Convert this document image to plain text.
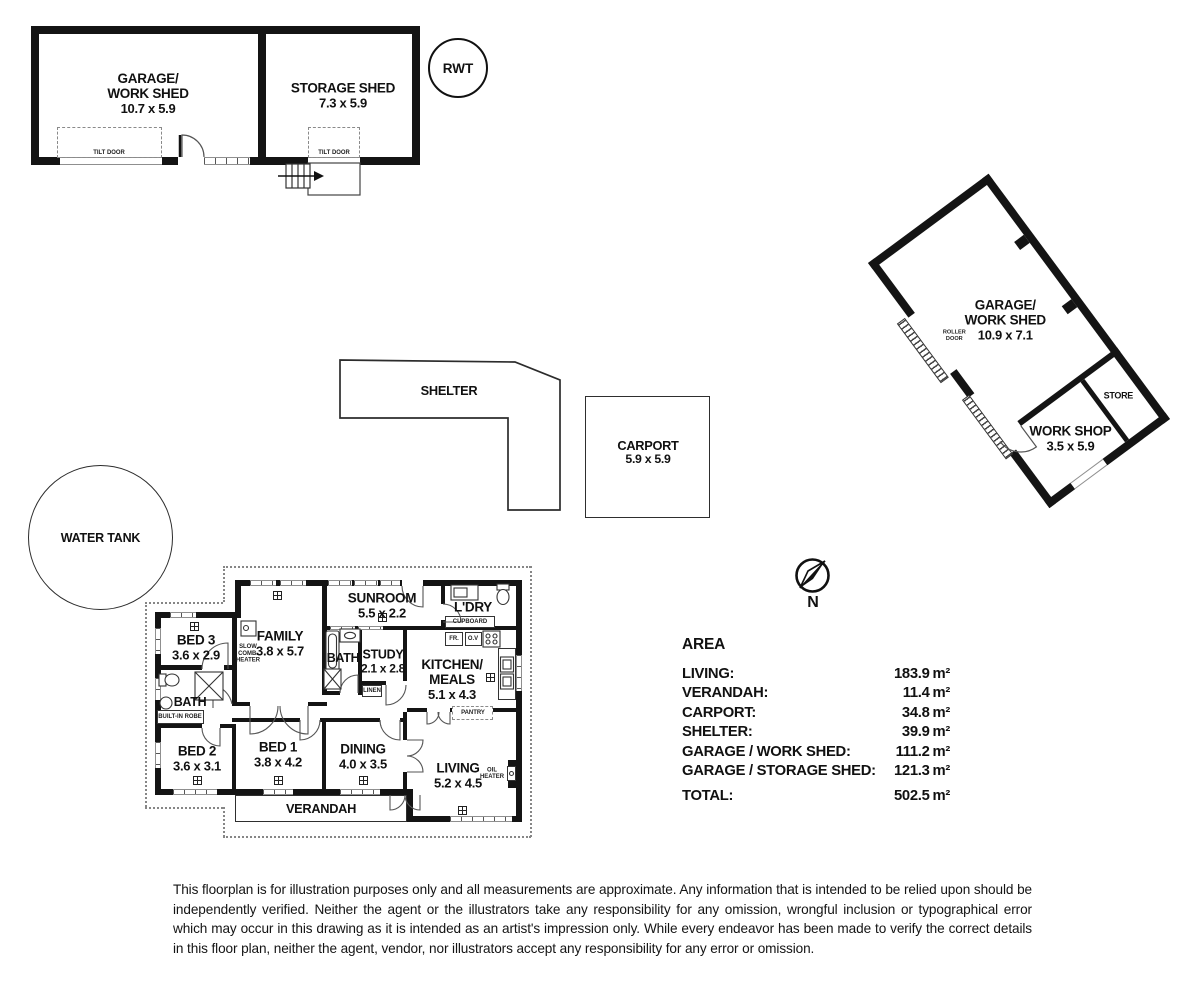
GARAGE/
WORK SHED
10.7 x 5.9
STORAGE SHED
7.3 x 5.9
TILT DOOR	TILT DOOR
RWT
WATER TANK
SHELTER
CARPORT
5.9 x 5.9
GARAGE/
WORK SHED
10.9 x 7.1
WORK SHOP
3.5 x 5.9
STORE
ROLLER
DOOR
N
BED 3
3.6 x 2.9
FAMILY
3.8 x 5.7
SUNROOM
5.5 x 2.2
STUDY
2.1 x 2.8 KITCHEN/
MEALS
5.1 x 4.3
BATH
BATH
L'DRY
BED 2
3.6 x 3.1
BED 1
3.8 x 4.2
DINING
4.0 x 3.5	LIVING
5.2 x 4.5
VERANDAH
LINEN
PANTRY
CUPBOARD
BUILT-IN ROBE
FR. O.V
SLOW
COMB.
HEATER
OIL
HEATER
AREA
LIVING:	183.9 m²
VERANDAH:	11.4 m²
CARPORT:	34.8 m²
SHELTER:	39.9 m²
GARAGE / WORK SHED:	111.2 m²
GARAGE / STORAGE SHED: 121.3 m²
TOTAL:	502.5 m²
This floorplan is for illustration purposes only and all measurements are approximate. Any information that is intended to be relied upon should be independently verified. Neither the agent or the illustrators take any responsibility for any omission, wrongful inclusion or typographical error which may occur in this drawing as it is intended as an artist's impression only. While every endeavor has been made to verify the correct details in this floor plan, neither the agent, vendor, nor illustrators accept any responsibility for any error or omission.
